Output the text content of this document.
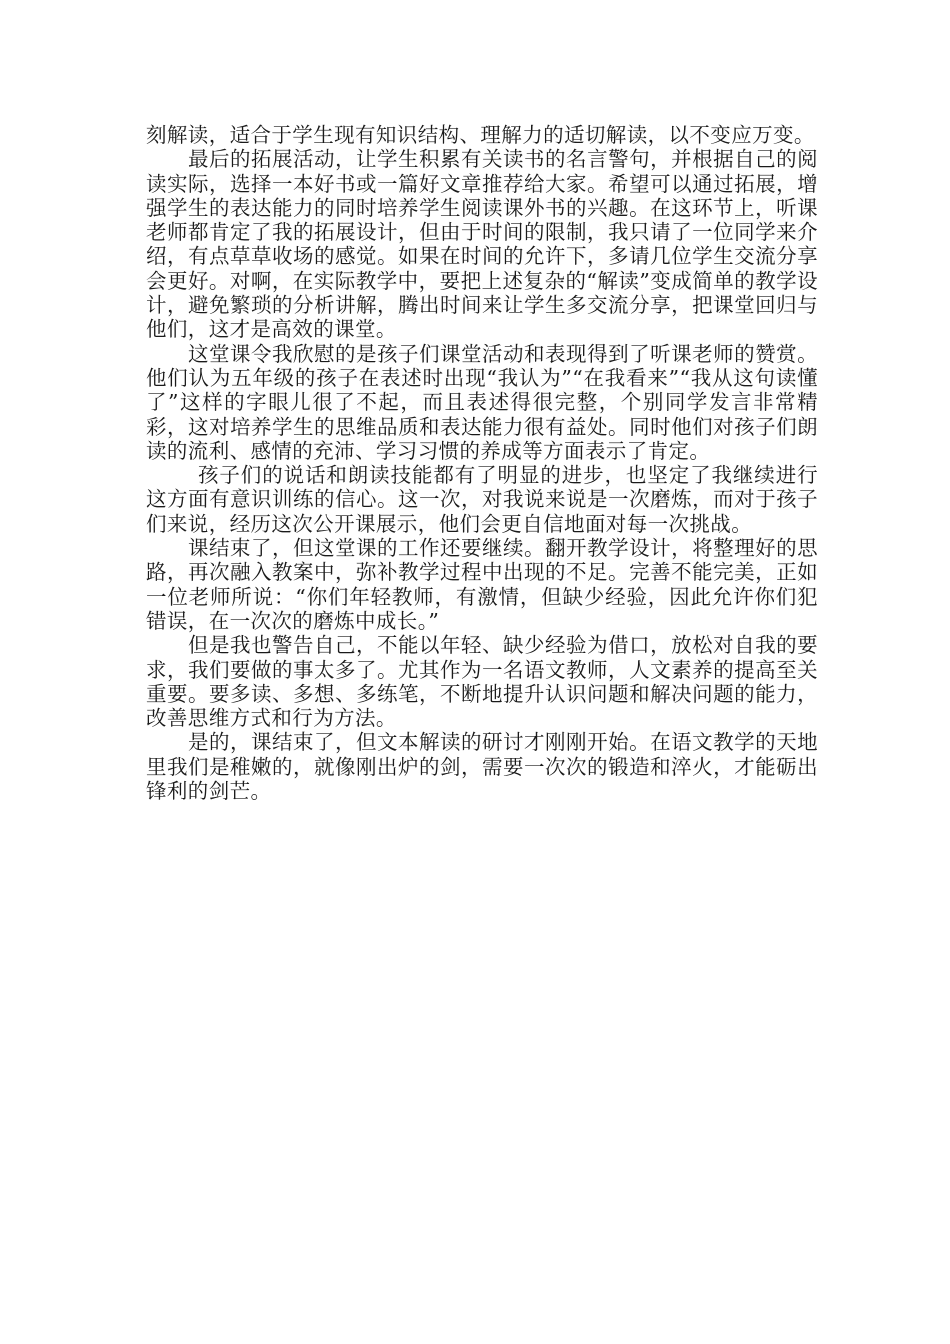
刻解读，适合于学生现有知识结构、理解力的适切解读，以不变应万变。

最后的拓展活动，让学生积累有关读书的名言警句，并根据自己的阅读实际，选择一本好书或一篇好文章推荐给大家。希望可以通过拓展，增强学生的表达能力的同时培养学生阅读课外书的兴趣。在这环节上，听课老师都肯定了我的拓展设计，但由于时间的限制，我只请了一位同学来介绍，有点草草收场的感觉。如果在时间的允许下，多请几位学生交流分享会更好。对啊，在实际教学中，要把上述复杂的“解读”变成简单的教学设计，避免繁琐的分析讲解，腾出时间来让学生多交流分享，把课堂回归与他们，这才是高效的课堂。

这堂课令我欣慰的是孩子们课堂活动和表现得到了听课老师的赞赏。他们认为五年级的孩子在表述时出现“我认为”“在我看来”“我从这句读懂了”这样的字眼儿很了不起，而且表述得很完整，个别同学发言非常精彩，这对培养学生的思维品质和表达能力很有益处。同时他们对孩子们朗读的流利、感情的充沛、学习习惯的养成等方面表示了肯定。

孩子们的说话和朗读技能都有了明显的进步，也坚定了我继续进行这方面有意识训练的信心。这一次，对我说来说是一次磨炼，而对于孩子们来说，经历这次公开课展示，他们会更自信地面对每一次挑战。

课结束了，但这堂课的工作还要继续。翻开教学设计，将整理好的思路，再次融入教案中，弥补教学过程中出现的不足。完善不能完美，正如一位老师所说：“你们年轻教师，有激情，但缺少经验，因此允许你们犯错误，在一次次的磨炼中成长。”

但是我也警告自己，不能以年轻、缺少经验为借口，放松对自我的要求，我们要做的事太多了。尤其作为一名语文教师，人文素养的提高至关重要。要多读、多想、多练笔，不断地提升认识问题和解决问题的能力，改善思维方式和行为方法。

是的，课结束了，但文本解读的研讨才刚刚开始。在语文教学的天地里我们是稚嫩的，就像刚出炉的剑，需要一次次的锻造和淬火，才能砺出锋利的剑芒。
